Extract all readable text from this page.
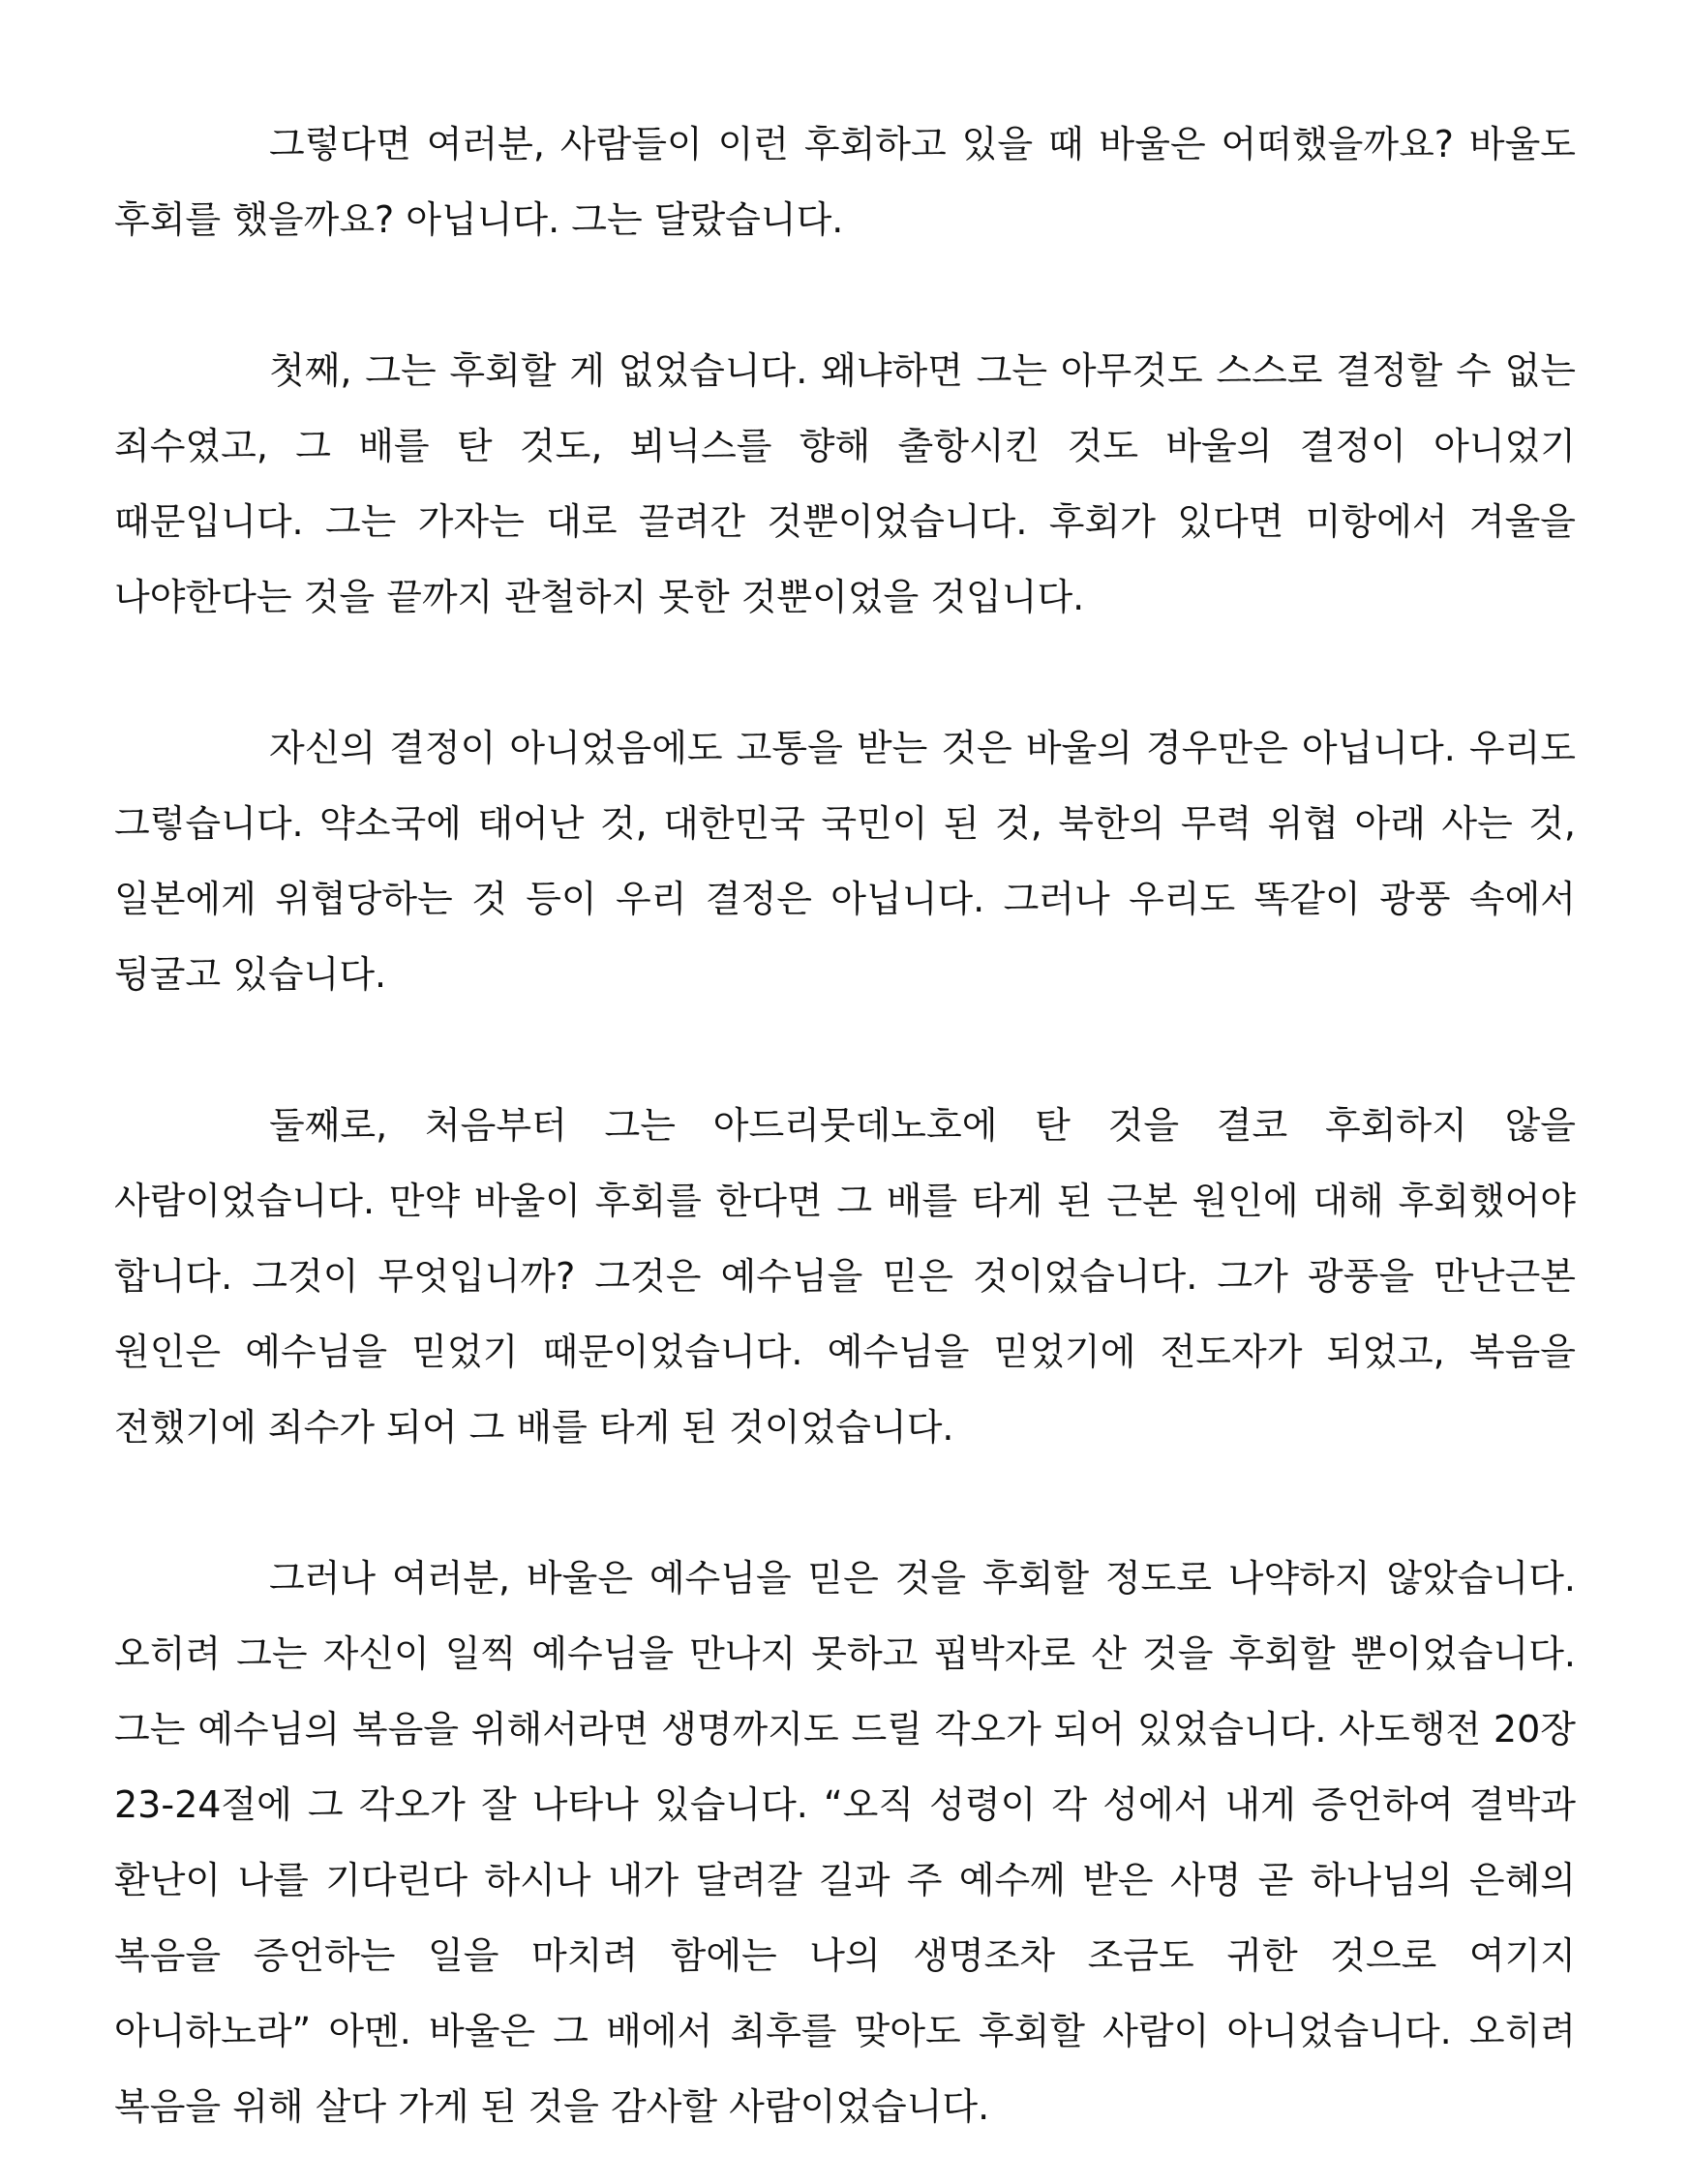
그렇다면 여러분, 사람들이 이런 후회하고 있을 때 바울은 어떠했을까요? 바울도 후회를 했을까요? 아닙니다. 그는 달랐습니다.

첫째, 그는 후회할 게 없었습니다. 왜냐하면 그는 아무것도 스스로 결정할 수 없는 죄수였고, 그 배를 탄 것도, 뵈닉스를 향해 출항시킨 것도 바울의 결정이 아니었기 때문입니다. 그는 가자는 대로 끌려간 것뿐이었습니다. 후회가 있다면 미항에서 겨울을 나야한다는 것을 끝까지 관철하지 못한 것뿐이었을 것입니다.

자신의 결정이 아니었음에도 고통을 받는 것은 바울의 경우만은 아닙니다. 우리도 그렇습니다. 약소국에 태어난 것, 대한민국 국민이 된 것, 북한의 무력 위협 아래 사는 것, 일본에게 위협당하는 것 등이 우리 결정은 아닙니다. 그러나 우리도 똑같이 광풍 속에서 뒹굴고 있습니다.

둘째로, 처음부터 그는 아드리뭇데노호에 탄 것을 결코 후회하지 않을 사람이었습니다. 만약 바울이 후회를 한다면 그 배를 타게 된 근본 원인에 대해 후회했어야 합니다. 그것이 무엇입니까? 그것은 예수님을 믿은 것이었습니다. 그가 광풍을 만난근본 원인은 예수님을 믿었기 때문이었습니다. 예수님을 믿었기에 전도자가 되었고, 복음을 전했기에 죄수가 되어 그 배를 타게 된 것이었습니다.

그러나 여러분, 바울은 예수님을 믿은 것을 후회할 정도로 나약하지 않았습니다. 오히려 그는 자신이 일찍 예수님을 만나지 못하고 핍박자로 산 것을 후회할 뿐이었습니다. 그는 예수님의 복음을 위해서라면 생명까지도 드릴 각오가 되어 있었습니다. 사도행전 20장 23-24절에 그 각오가 잘 나타나 있습니다. “오직 성령이 각 성에서 내게 증언하여 결박과 환난이 나를 기다린다 하시나 내가 달려갈 길과 주 예수께 받은 사명 곧 하나님의 은혜의 복음을 증언하는 일을 마치려 함에는 나의 생명조차 조금도 귀한 것으로 여기지 아니하노라” 아멘. 바울은 그 배에서 최후를 맞아도 후회할 사람이 아니었습니다. 오히려 복음을 위해 살다 가게 된 것을 감사할 사람이었습니다.
